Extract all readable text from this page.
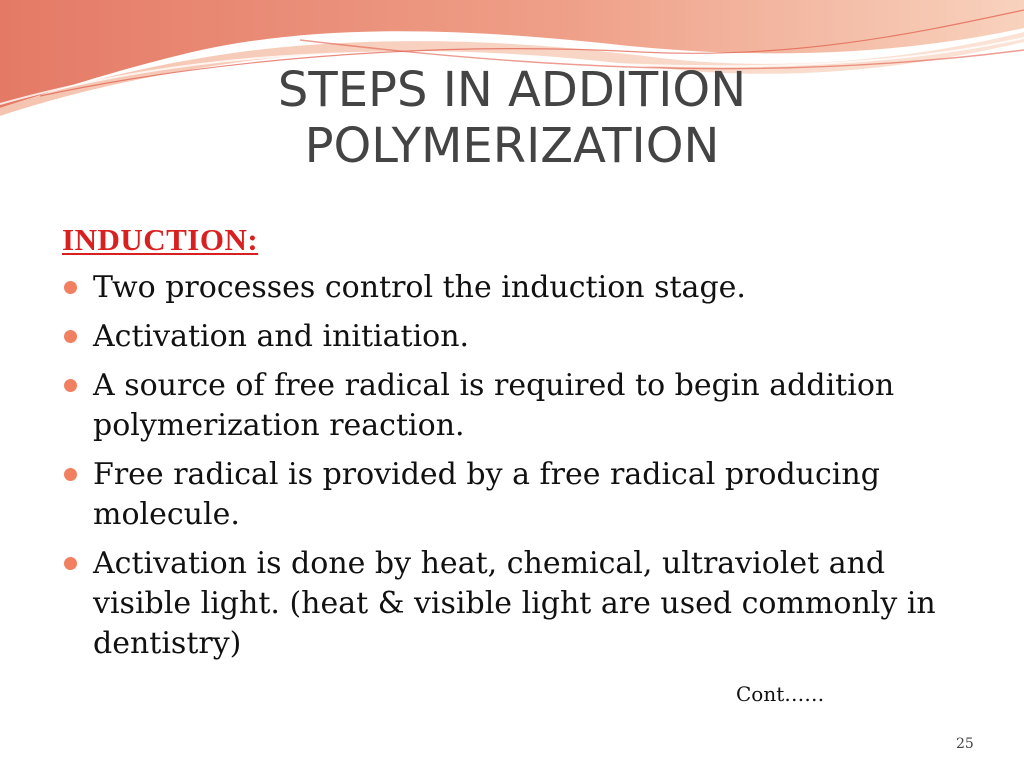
STEPS IN ADDITION
POLYMERIZATION
INDUCTION:
Two processes control the induction stage.
Activation and initiation.
A source of free radical is required to begin addition polymerization reaction.
Free radical is provided by a free radical producing molecule.
Activation is done by heat, chemical, ultraviolet and visible light. (heat & visible light are used commonly in dentistry)
Cont……
25
